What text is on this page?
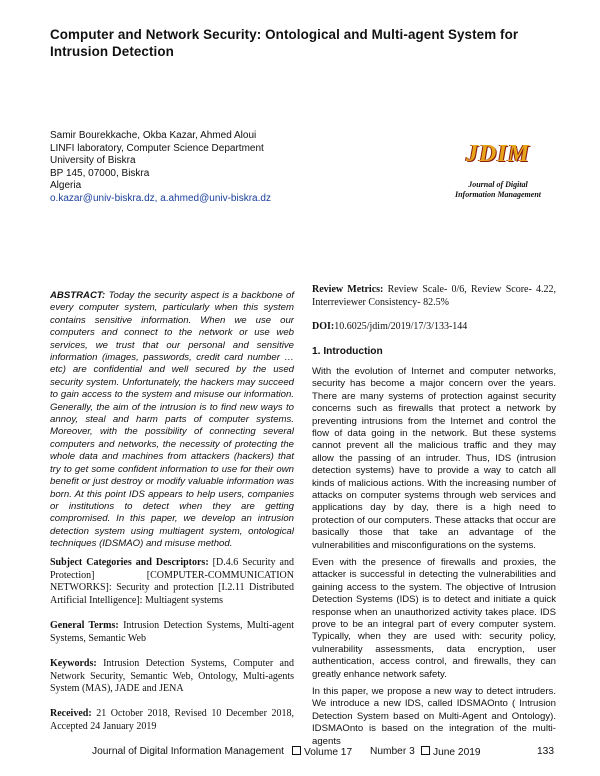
Computer and Network Security: Ontological and Multi-agent System for Intrusion Detection
Samir Bourekkache, Okba Kazar, Ahmed Aloui
LINFI laboratory, Computer Science Department
University of Biskra
BP 145, 07000, Biskra
Algeria
o.kazar@univ-biskra.dz, a.ahmed@univ-biskra.dz
JDIM
Journal of Digital
Information Management
ABSTRACT: Today the security aspect is a backbone of every computer system, particularly when this system contains sensitive information. When we use our computers and connect to the network or use web services, we trust that our personal and sensitive information (images, passwords, credit card number …etc) are confidential and well secured by the used security system. Unfortunately, the hackers may succeed to gain access to the system and misuse our information. Generally, the aim of the intrusion is to find new ways to annoy, steal and harm parts of computer systems. Moreover, with the possibility of connecting several computers and networks, the necessity of protecting the whole data and machines from attackers (hackers) that try to get some confident information to use for their own benefit or just destroy or modify valuable information was born. At this point IDS appears to help users, companies or institutions to detect when they are getting compromised. In this paper, we develop an intrusion detection system using multiagent system, ontological techniques (IDSMAO) and misuse method.
Subject Categories and Descriptors: [D.4.6 Security and Protection] [COMPUTER-COMMUNICATION NETWORKS]: Security and protection [I.2.11 Distributed Artificial Intelligence]: Multiagent systems
General Terms: Intrusion Detection Systems, Multi-agent Systems, Semantic Web
Keywords: Intrusion Detection Systems, Computer and Network Security, Semantic Web, Ontology, Multi-agents System (MAS), JADE and JENA
Received: 21 October 2018, Revised 10 December 2018, Accepted 24 January 2019
Review Metrics: Review Scale- 0/6, Review Score- 4.22, Interreviewer Consistency- 82.5%
DOI:10.6025/jdim/2019/17/3/133-144
1. Introduction
With the evolution of Internet and computer networks, security has become a major concern over the years. There are many systems of protection against security concerns such as firewalls that protect a network by preventing intrusions from the Internet and control the flow of data going in the network. But these systems cannot prevent all the malicious traffic and they may allow the passing of an intruder. Thus, IDS (intrusion detection systems) have to provide a way to catch all kinds of malicious actions. With the increasing number of attacks on computer systems through web services and applications day by day, there is a high need to protection of our computers. These attacks that occur are basically those that take an advantage of the vulnerabilities and misconfigurations on the systems.
Even with the presence of firewalls and proxies, the attacker is successful in detecting the vulnerabilities and gaining access to the system. The objective of Intrusion Detection Systems (IDS) is to detect and initiate a quick response when an unauthorized activity takes place. IDS prove to be an integral part of every computer system. Typically, when they are used with: security policy, vulnerability assessments, data encryption, user authentication, access control, and firewalls, they can greatly enhance network safety.
In this paper, we propose a new way to detect intruders. We introduce a new IDS, called IDSMAOnto ( Intrusion Detection System based on Multi-Agent and Ontology). IDSMAOnto is based on the integration of the multi-agents
Journal of Digital Information Management	Volume 17 Number 3	June 2019	133
